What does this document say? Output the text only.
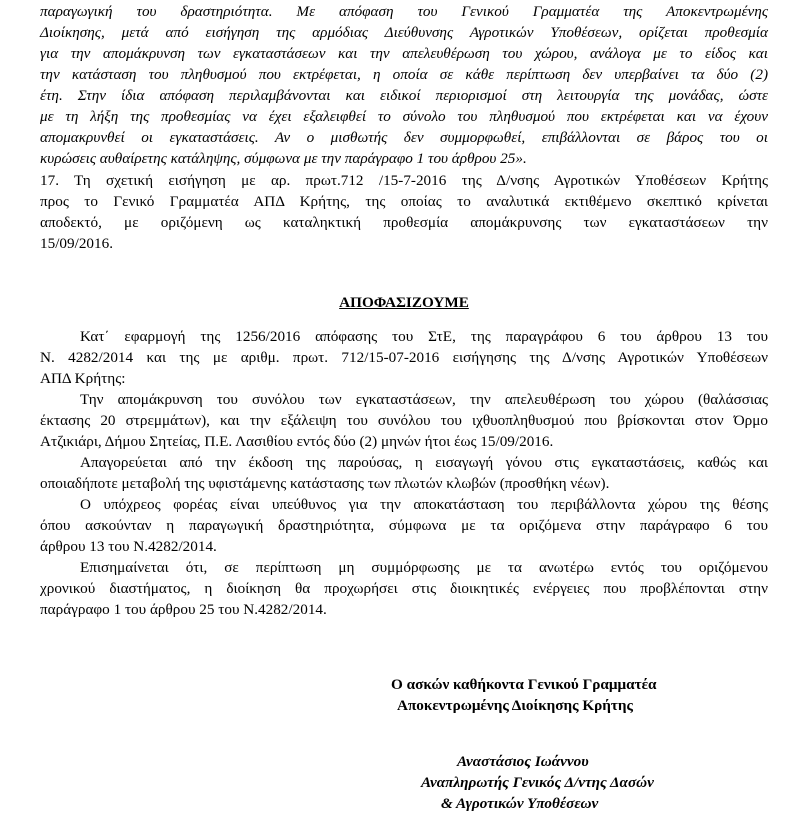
παραγωγική του δραστηριότητα. Με απόφαση του Γενικού Γραμματέα της Αποκεντρωμένης
Διοίκησης, μετά από εισήγηση της αρμόδιας Διεύθυνσης Αγροτικών Υποθέσεων, ορίζεται προθεσμία
για την απομάκρυνση των εγκαταστάσεων και την απελευθέρωση του χώρου, ανάλογα με το είδος και
την κατάσταση του πληθυσμού που εκτρέφεται, η οποία σε κάθε περίπτωση δεν υπερβαίνει τα δύο (2)
έτη. Στην ίδια απόφαση περιλαμβάνονται και ειδικοί περιορισμοί στη λειτουργία της μονάδας, ώστε
με τη λήξη της προθεσμίας να έχει εξαλειφθεί το σύνολο του πληθυσμού που εκτρέφεται και να έχουν
απομακρυνθεί οι εγκαταστάσεις. Αν ο μισθωτής δεν συμμορφωθεί, επιβάλλονται σε βάρος του οι
κυρώσεις αυθαίρετης κατάληψης, σύμφωνα με την παράγραφο 1 του άρθρου 25».
17. Τη σχετική εισήγηση με αρ. πρωτ.712 /15-7-2016 της Δ/νσης Αγροτικών Υποθέσεων Κρήτης
προς το Γενικό Γραμματέα ΑΠΔ Κρήτης, της οποίας το αναλυτικά εκτιθέμενο σκεπτικό κρίνεται
αποδεκτό, με οριζόμενη ως καταληκτική προθεσμία απομάκρυνσης των εγκαταστάσεων την
15/09/2016.
ΑΠΟΦΑΣΙΖΟΥΜΕ
Κατ΄ εφαρμογή της 1256/2016 απόφασης του ΣτΕ, της παραγράφου 6 του άρθρου 13 του
Ν. 4282/2014 και της με αριθμ. πρωτ. 712/15-07-2016 εισήγησης της Δ/νσης Αγροτικών Υποθέσεων
ΑΠΔ Κρήτης:
Την απομάκρυνση του συνόλου των εγκαταστάσεων, την απελευθέρωση του χώρου (θαλάσσιας
έκτασης 20 στρεμμάτων), και την εξάλειψη του συνόλου του ιχθυοπληθυσμού που βρίσκονται στον Όρμο
Ατζικιάρι, Δήμου Σητείας, Π.Ε. Λασιθίου εντός δύο (2) μηνών ήτοι έως 15/09/2016.
Απαγορεύεται από την έκδοση της παρούσας, η εισαγωγή γόνου στις εγκαταστάσεις, καθώς και
οποιαδήποτε μεταβολή της υφιστάμενης κατάστασης των πλωτών κλωβών (προσθήκη νέων).
Ο υπόχρεος φορέας είναι υπεύθυνος για την αποκατάσταση του περιβάλλοντα χώρου της θέσης
όπου ασκούνταν η παραγωγική δραστηριότητα, σύμφωνα με τα οριζόμενα στην παράγραφο 6 του
άρθρου 13 του Ν.4282/2014.
Επισημαίνεται ότι, σε περίπτωση μη συμμόρφωσης με τα ανωτέρω εντός του οριζόμενου
χρονικού διαστήματος, η διοίκηση θα προχωρήσει στις διοικητικές ενέργειες που προβλέπονται στην
παράγραφο 1 του άρθρου 25 του Ν.4282/2014.
Ο ασκών καθήκοντα Γενικού Γραμματέα
Αποκεντρωμένης Διοίκησης Κρήτης
Αναστάσιος Ιωάννου
Αναπληρωτής Γενικός Δ/ντης Δασών
& Αγροτικών Υποθέσεων
